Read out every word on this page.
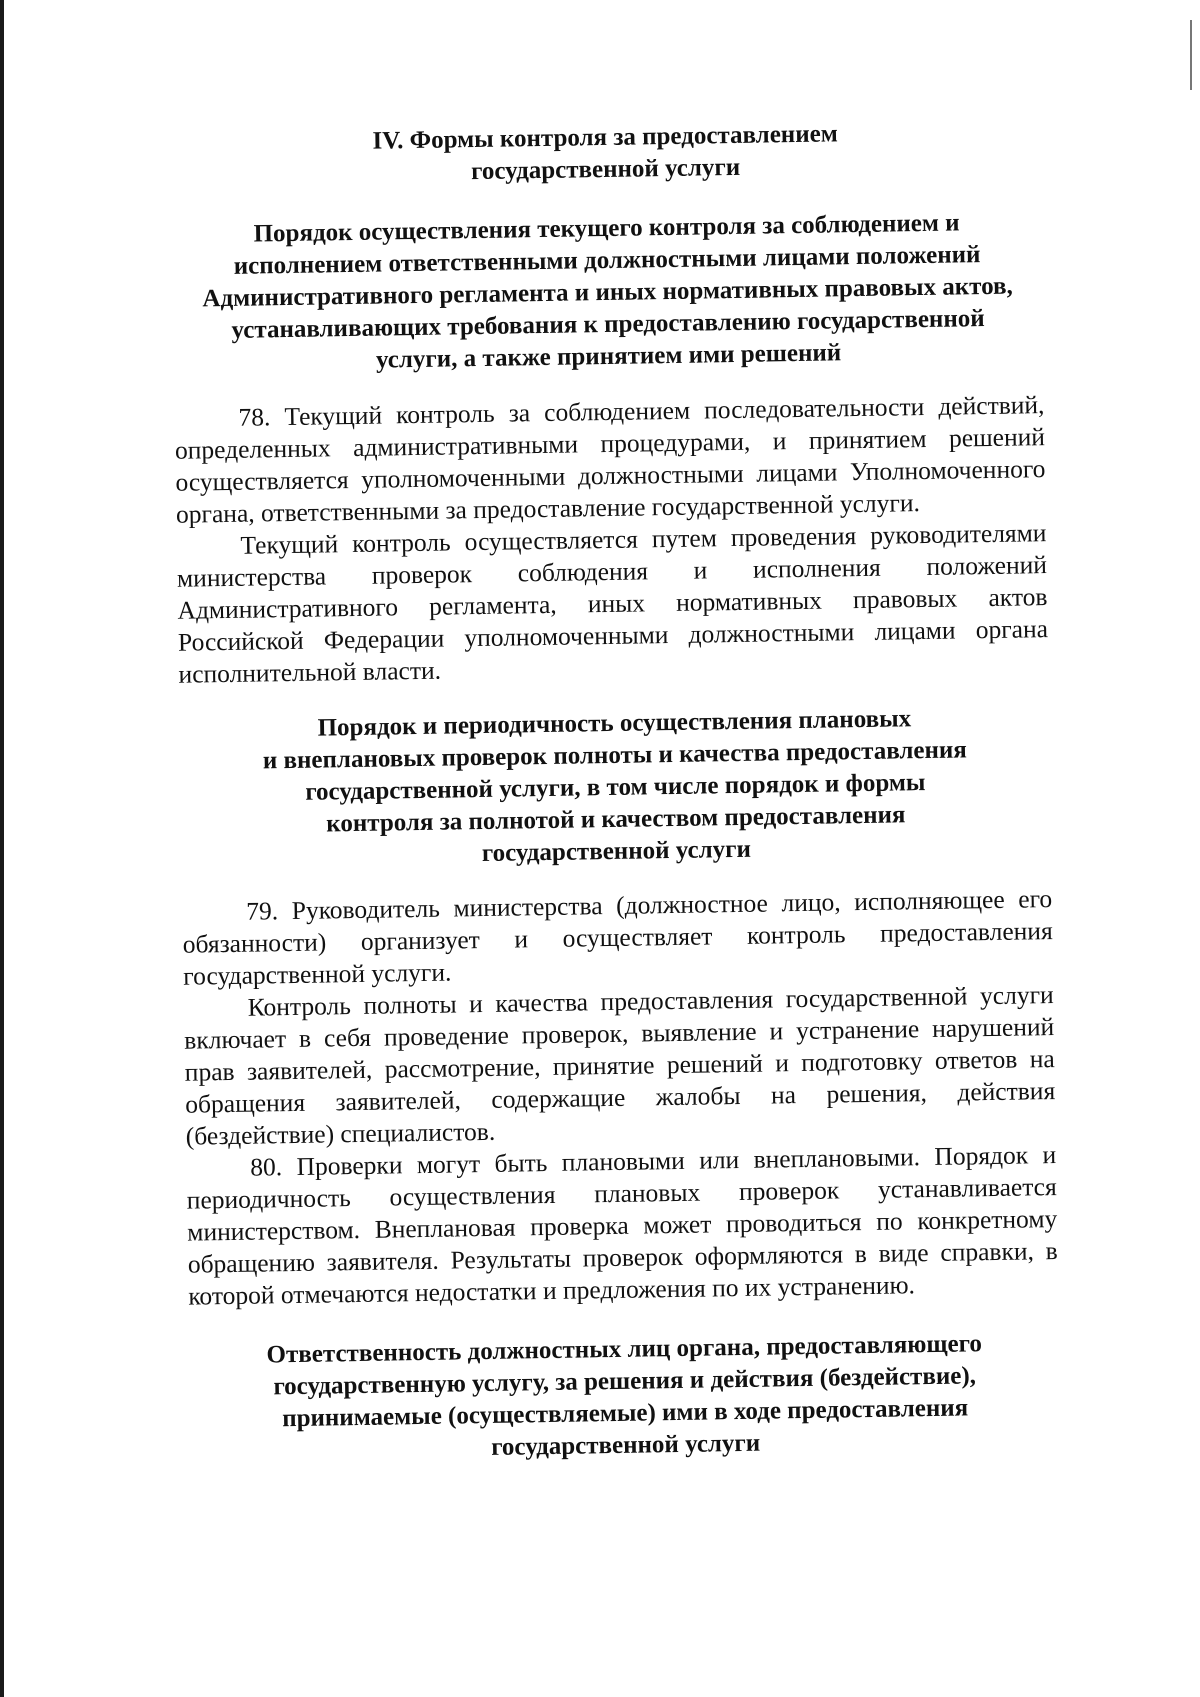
IV. Формы контроля за предоставлением
государственной услуги
Порядок осуществления текущего контроля за соблюдением и
исполнением ответственными должностными лицами положений
Административного регламента и иных нормативных правовых актов,
устанавливающих требования к предоставлению государственной
услуги, а также принятием ими решений

78. Текущий контроль за соблюдением последовательности действий,
определенных административными процедурами, и принятием решений
осуществляется уполномоченными должностными лицами Уполномоченного
органа, ответственными за предоставление государственной услуги.

Текущий контроль осуществляется путем проведения руководителями
министерства проверок соблюдения и исполнения положений
Административного регламента, иных нормативных правовых актов
Российской Федерации уполномоченными должностными лицами органа
исполнительной власти.

Порядок и периодичность осуществления плановых
и внеплановых проверок полноты и качества предоставления
государственной услуги, в том числе порядок и формы
контроля за полнотой и качеством предоставления
государственной услуги

79. Руководитель министерства (должностное лицо, исполняющее его
обязанности) организует и осуществляет контроль предоставления
государственной услуги.

Контроль полноты и качества предоставления государственной услуги
включает в себя проведение проверок, выявление и устранение нарушений
прав заявителей, рассмотрение, принятие решений и подготовку ответов на
обращения заявителей, содержащие жалобы на решения, действия
(бездействие) специалистов.

80. Проверки могут быть плановыми или внеплановыми. Порядок и
периодичность осуществления плановых проверок устанавливается
министерством. Внеплановая проверка может проводиться по конкретному
обращению заявителя. Результаты проверок оформляются в виде справки, в
которой отмечаются недостатки и предложения по их устранению.

Ответственность должностных лиц органа, предоставляющего
государственную услугу, за решения и действия (бездействие),
принимаемые (осуществляемые) ими в ходе предоставления
государственной услуги
